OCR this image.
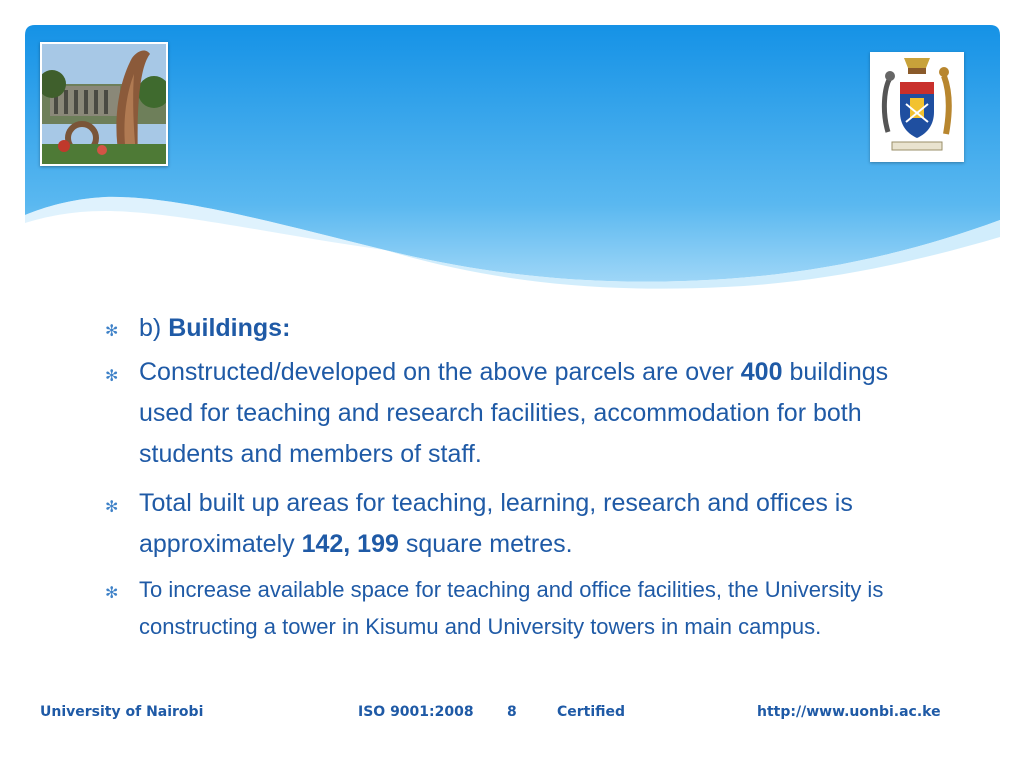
✻ b) Buildings:
✻ Constructed/developed on the above parcels are over 400 buildings used for teaching and research facilities, accommodation for both students and members of staff.
✻ Total built up areas for teaching, learning, research and offices is approximately 142, 199 square metres.
✻ To increase available space for teaching and office facilities, the University is constructing a tower in Kisumu and University towers in main campus.
University of Nairobi	ISO 9001:2008 8	Certified	http://www.uonbi.ac.ke
